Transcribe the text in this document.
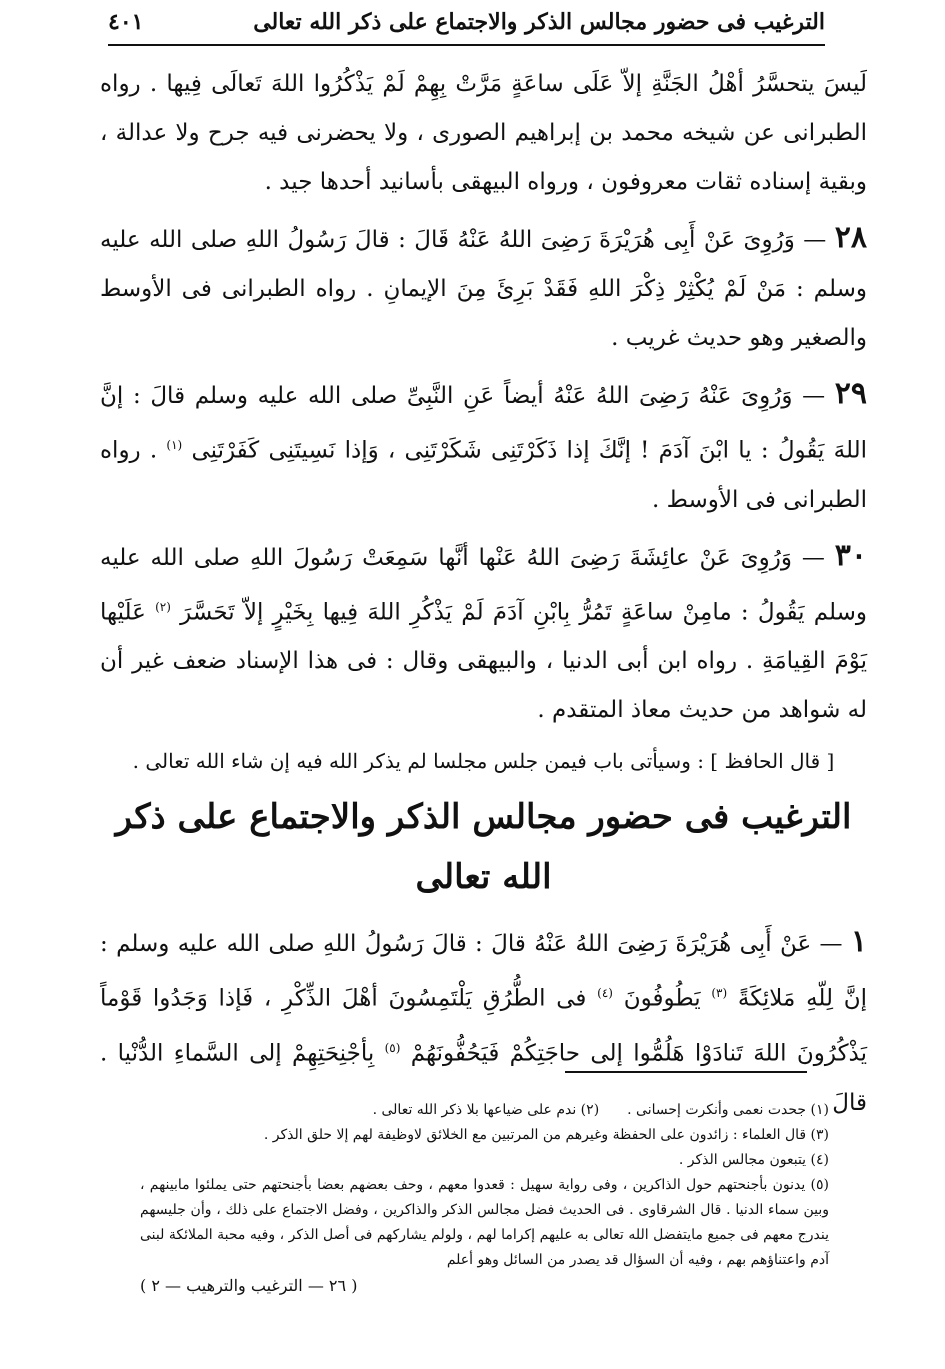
الترغيب فى حضور مجالس الذكر والاجتماع على ذكر الله تعالى
٤٠١

لَيسَ يتحسَّرُ أهْلُ الجَنَّةِ إلاّ عَلَى ساعَةٍ مَرَّتْ بِهِمْ لَمْ يَذْكُرُوا اللهَ تَعالَى فِيها . رواه الطبرانى عن شيخه محمد بن إبراهيم الصورى ، ولا يحضرنى فيه جرح ولا عدالة ، وبقية إسناده ثقات معروفون ، ورواه البيهقى بأسانيد أحدها جيد .

٢٨ — وَرُوِىَ عَنْ أَبِى هُرَيْرَةَ رَضِىَ اللهُ عَنْهُ قَالَ : قالَ رَسُولُ اللهِ صلى الله عليه وسلم : مَنْ لَمْ يُكْثِرْ ذِكْرَ اللهِ فَقَدْ بَرِئَ مِنَ الإيمانِ . رواه الطبرانى فى الأوسط والصغير وهو حديث غريب .

٢٩ — وَرُوِىَ عَنْهُ رَضِىَ اللهُ عَنْهُ أيضاً عَنِ النَّبِىِّ صلى الله عليه وسلم قالَ : إنَّ اللهَ يَقُولُ : يا ابْنَ آدَمَ ! إنَّكَ إذا ذَكَرْتَنِى شَكَرْتَنِى ، وَإذا نَسِيتَنِى كَفَرْتَنِى $^{(١)}$ . رواه الطبرانى فى الأوسط .

٣٠ — وَرُوِىَ عَنْ عائِشَةَ رَضِىَ اللهُ عَنْها أنَّها سَمِعَتْ رَسُولَ اللهِ صلى الله عليه وسلم يَقُولُ : مامِنْ ساعَةٍ تَمُرُّ بِابْنِ آدَمَ لَمْ يَذْكُرِ اللهَ فِيها بِخَيْرٍ إلاّ تَحَسَّرَ $^{(٢)}$ عَلَيْها يَوْمَ القِيامَةِ . رواه ابن أبى الدنيا ، والبيهقى وقال : فى هذا الإسناد ضعف غير أن له شواهد من حديث معاذ المتقدم .

[ قال الحافظ ] : وسيأتى باب فيمن جلس مجلسا لم يذكر الله فيه إن شاء الله تعالى .

الترغيب فى حضور مجالس الذكر والاجتماع على ذكر الله تعالى

١ — عَنْ أَبِى هُرَيْرَةَ رَضِىَ اللهُ عَنْهُ قالَ : قالَ رَسُولُ اللهِ صلى الله عليه وسلم : إنَّ لِلّهِ مَلائِكَةً $^{(٣)}$ يَطُوفُونَ $^{(٤)}$ فى الطُّرُقِ يَلْتَمِسُونَ أهْلَ الذِّكْرِ ، فَإذا وَجَدُوا قَوْماً يَذْكُرُونَ اللهَ تَنادَوْا هَلُمُّوا إلى حاجَتِكُمْ فَيَحُفُّونَهُمْ $^{(٥)}$ بِأجْنِحَتِهِمْ إلى السَّماءِ الدُّنْيا . قالَ

(١) جحدت نعمى وأنكرت إحسانى .

(٢) ندم على ضياعها بلا ذكر الله تعالى .

(٣) قال العلماء : زائدون على الحفظة وغيرهم من المرتبين مع الخلائق لاوظيفة لهم إلا حلق الذكر .

(٤) يتبعون مجالس الذكر .

(٥) يدنون بأجنحتهم حول الذاكرين ، وفى رواية سهيل : قعدوا معهم ، وحف بعضهم بعضا بأجنحتهم حتى يملئوا مابينهم ، وبين سماء الدنيا . قال الشرقاوى . فى الحديث فضل مجالس الذكر والذاكرين ، وفضل الاجتماع على ذلك ، وأن جليسهم يندرج معهم فى جميع مايتفضل الله تعالى به عليهم إكراما لهم ، ولولم يشاركهم فى أصل الذكر ، وفيه محبة الملائكة لبنى آدم واعتناؤهم بهم ، وفيه أن السؤال قد يصدر من السائل وهو أعلم

( ٢٦ — الترغيب والترهيب — ٢ )
